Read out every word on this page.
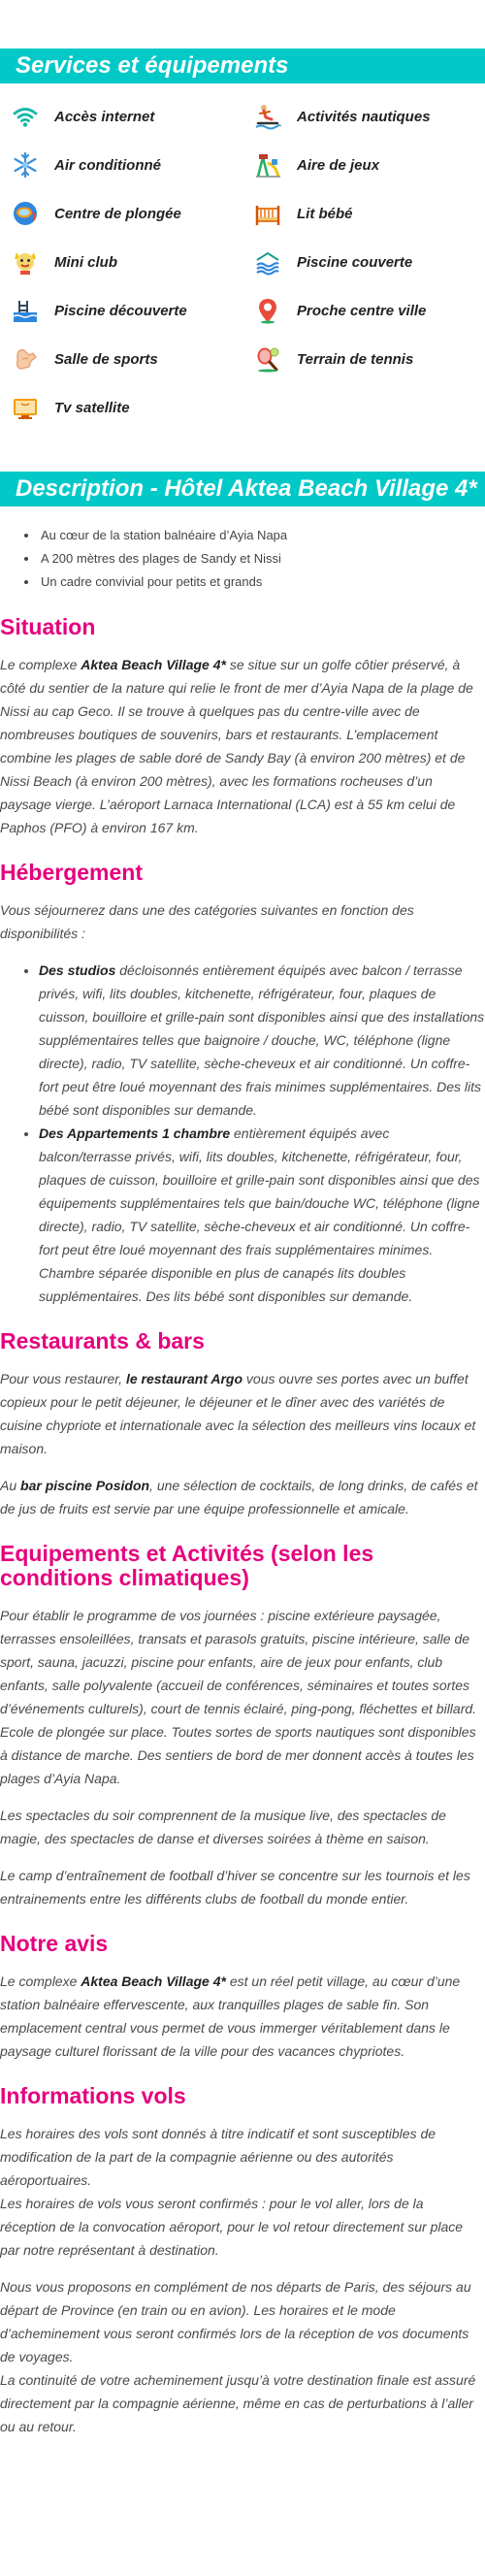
Services et équipements
Accès internet	Activités nautiques
Air conditionné	Aire de jeux
Centre de plongée	Lit bébé
Mini club	Piscine couverte
Piscine découverte	Proche centre ville
Salle de sports	Terrain de tennis
Tv satellite
Description - Hôtel Aktea Beach Village 4*
• Au cœur de la station balnéaire d’Ayia Napa
• A 200 mètres des plages de Sandy et Nissi
• Un cadre convivial pour petits et grands
Situation

Le complexe Aktea Beach Village 4* se situe sur un golfe côtier préservé, à côté du sentier de la nature qui relie le front de mer d’Ayia Napa de la plage de Nissi au cap Geco. Il se trouve à quelques pas du centre-ville avec de nombreuses boutiques de souvenirs, bars et restaurants. L’emplacement combine les plages de sable doré de Sandy Bay (à environ 200 mètres) et de Nissi Beach (à environ 200 mètres), avec les formations rocheuses d’un paysage vierge. L’aéroport Larnaca International (LCA) est à 55 km celui de Paphos (PFO) à environ 167 km.

Hébergement

Vous séjournerez dans une des catégories suivantes en fonction des disponibilités :

• Des studios décloisonnés entièrement équipés avec balcon / terrasse privés, wifi, lits doubles, kitchenette, réfrigérateur, four, plaques de cuisson, bouilloire et grille-pain sont disponibles ainsi que des installations supplémentaires telles que baignoire / douche, WC, téléphone (ligne directe), radio, TV satellite, sèche-cheveux et air conditionné. Un coffre-fort peut être loué moyennant des frais minimes supplémentaires. Des lits bébé sont disponibles sur demande.
• Des Appartements 1 chambre entièrement équipés avec balcon/terrasse privés, wifi, lits doubles, kitchenette, réfrigérateur, four, plaques de cuisson, bouilloire et grille-pain sont disponibles ainsi que des équipements supplémentaires tels que bain/douche WC, téléphone (ligne directe), radio, TV satellite, sèche-cheveux et air conditionné. Un coffre-fort peut être loué moyennant des frais supplémentaires minimes. Chambre séparée disponible en plus de canapés lits doubles supplémentaires. Des lits bébé sont disponibles sur demande.
Restaurants & bars

Pour vous restaurer, le restaurant Argo vous ouvre ses portes avec un buffet copieux pour le petit déjeuner, le déjeuner et le dîner avec des variétés de cuisine chypriote et internationale avec la sélection des meilleurs vins locaux et maison.

Au bar piscine Posidon, une sélection de cocktails, de long drinks, de cafés et de jus de fruits est servie par une équipe professionnelle et amicale.

Equipements et Activités (selon les conditions climatiques)

Pour établir le programme de vos journées : piscine extérieure paysagée, terrasses ensoleillées, transats et parasols gratuits, piscine intérieure, salle de sport, sauna, jacuzzi, piscine pour enfants, aire de jeux pour enfants, club enfants, salle polyvalente (accueil de conférences, séminaires et toutes sortes d’événements culturels), court de tennis éclairé, ping-pong, fléchettes et billard. Ecole de plongée sur place. Toutes sortes de sports nautiques sont disponibles à distance de marche. Des sentiers de bord de mer donnent accès à toutes les plages d’Ayia Napa.

Les spectacles du soir comprennent de la musique live, des spectacles de magie, des spectacles de danse et diverses soirées à thème en saison.

Le camp d’entraînement de football d’hiver se concentre sur les tournois et les entrainements entre les différents clubs de football du monde entier.

Notre avis

Le complexe Aktea Beach Village 4* est un réel petit village, au cœur d’une station balnéaire effervescente, aux tranquilles plages de sable fin. Son emplacement central vous permet de vous immerger véritablement dans le paysage culturel florissant de la ville pour des vacances chypriotes.

Informations vols

Les horaires des vols sont donnés à titre indicatif et sont susceptibles de modification de la part de la compagnie aérienne ou des autorités aéroportuaires.
Les horaires de vols vous seront confirmés : pour le vol aller, lors de la réception de la convocation aéroport, pour le vol retour directement sur place par notre représentant à destination.

Nous vous proposons en complément de nos départs de Paris, des séjours au départ de Province (en train ou en avion). Les horaires et le mode d’acheminement vous seront confirmés lors de la réception de vos documents de voyages.
La continuité de votre acheminement jusqu’à votre destination finale est assuré directement par la compagnie aérienne, même en cas de perturbations à l’aller ou au retour.
